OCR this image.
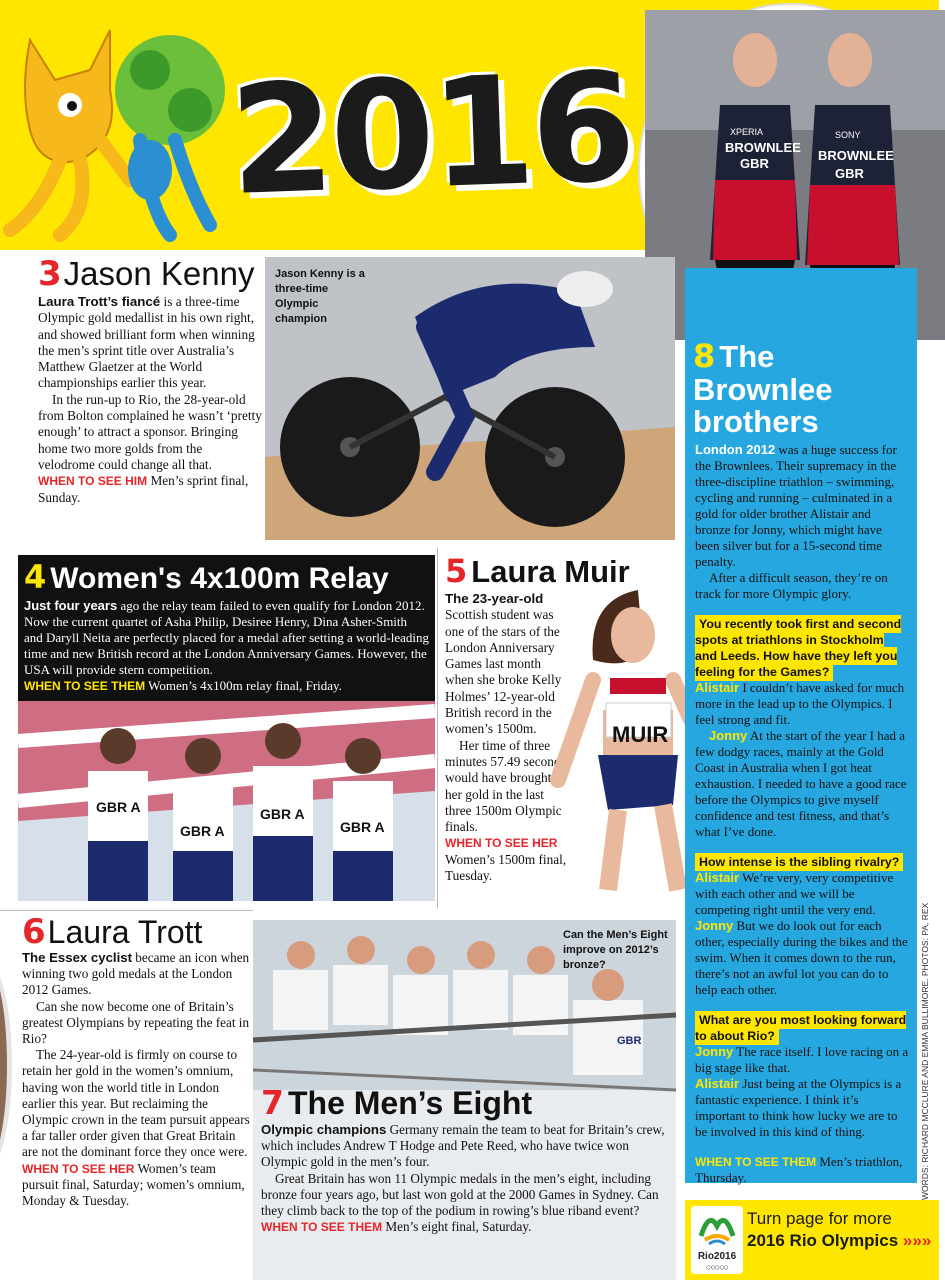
2016	XPERIA
BROWNLEE
GBR
SONY
BROWNLEE
GBR
3Jason Kenny
Laura Trott’s fiancé is a three-time Olympic gold medallist in his own right, and showed brilliant form when winning the men’s sprint title over Australia’s Matthew Glaetzer at the World championships earlier this year.
In the run-up to Rio, the 28-year-old from Bolton complained he wasn’t ‘pretty enough’ to attract a sponsor. Bringing home two more golds from the velodrome could change all that.
WHEN TO SEE HIM Men’s sprint final, Sunday.
Jason Kenny is a three-time Olympic champion
4 Women's 4x100m Relay
Just four years ago the relay team failed to even qualify for London 2012. Now the current quartet of Asha Philip, Desiree Henry, Dina Asher-Smith and Daryll Neita are perfectly placed for a medal after setting a world-leading time and new British record at the London Anniversary Games. However, the USA will provide stern competition.
WHEN TO SEE THEM Women’s 4x100m relay final, Friday.
GBR A
GBR A
GBR A
GBR A
5 Laura Muir
The 23-year-old Scottish student was one of the stars of the London Anniversary Games last month when she broke Kelly Holmes’ 12-year-old British record in the women’s 1500m.
Her time of three minutes 57.49 seconds would have brought her gold in the last three 1500m Olympic finals.
WHEN TO SEE HER
Women’s 1500m final, Tuesday.
müller
MUIR
6Laura Trott
The Essex cyclist became an icon when winning two gold medals at the London 2012 Games.
Can she now become one of Britain’s greatest Olympians by repeating the feat in Rio?
The 24-year-old is firmly on course to retain her gold in the women’s omnium, having won the world title in London earlier this year. But reclaiming the Olympic crown in the team pursuit appears a far taller order given that Great Britain are not the dominant force they once were.
WHEN TO SEE HER Women’s team pursuit final, Saturday; women’s omnium, Monday & Tuesday.
GBR
Can the Men’s Eight improve on 2012’s bronze?
7 The Men’s Eight
Olympic champions Germany remain the team to beat for Britain’s crew, which includes Andrew T Hodge and Pete Reed, who have twice won Olympic gold in the men’s four.
Great Britain has won 11 Olympic medals in the men’s eight, including bronze four years ago, but last won gold at the 2000 Games in Sydney. Can they climb back to the top of the podium in rowing’s blue riband event?
WHEN TO SEE THEM Men’s eight final, Saturday.
8 The Brownlee brothers
London 2012 was a huge success for the Brownlees. Their supremacy in the three-discipline triathlon – swimming, cycling and running – culminated in a gold for older brother Alistair and bronze for Jonny, which might have been silver but for a 15-second time penalty.
After a difficult season, they’re on track for more Olympic glory.
You recently took first and second spots at triathlons in Stockholm and Leeds. How have they left you feeling for the Games?
Alistair I couldn’t have asked for much more in the lead up to the Olympics. I feel strong and fit.
Jonny At the start of the year I had a few dodgy races, mainly at the Gold Coast in Australia when I got heat exhaustion. I needed to have a good race before the Olympics to give myself confidence and test fitness, and that’s what I’ve done.
How intense is the sibling rivalry?
Alistair We’re very, very competitive with each other and we will be competing right until the very end.
Jonny But we do look out for each other, especially during the bikes and the swim. When it comes down to the run, there’s not an awful lot you can do to help each other.
What are you most looking forward to about Rio?
Jonny The race itself. I love racing on a big stage like that.
Alistair Just being at the Olympics is a fantastic experience. I think it’s important to think how lucky we are to be involved in this kind of thing.
WHEN TO SEE THEM Men’s triathlon, Thursday.	WORDS: RICHARD MCCLURE AND EMMA BULLIMORE. PHOTOS: PA, REX
Rio2016
○○○○○
Turn page for more
2016 Rio Olympics »»»
